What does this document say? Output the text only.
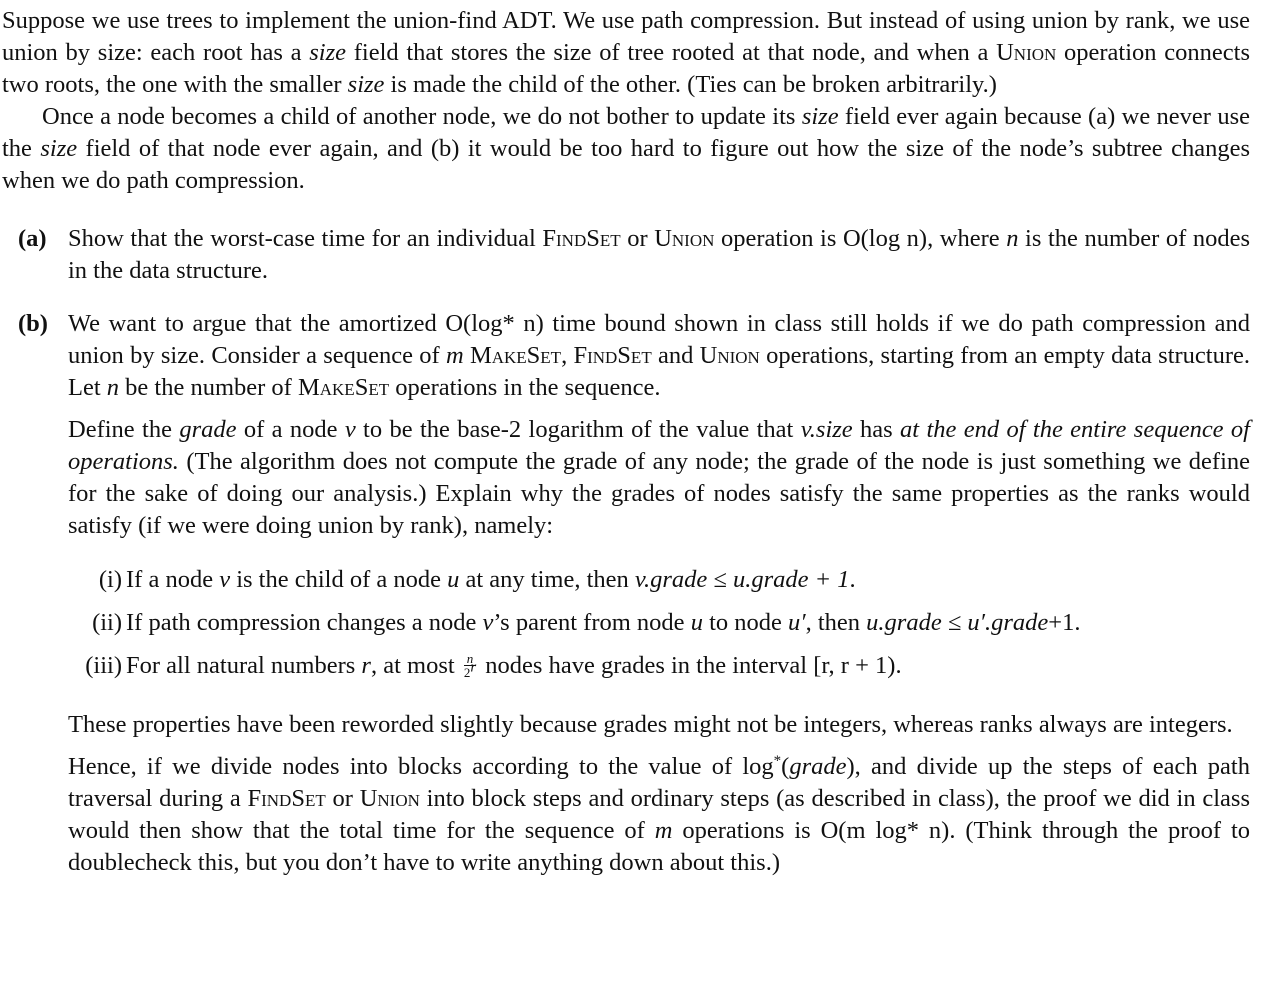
Suppose we use trees to implement the union-find ADT. We use path compression. But instead of using union by rank, we use union by size: each root has a size field that stores the size of tree rooted at that node, and when a Union operation connects two roots, the one with the smaller size is made the child of the other. (Ties can be broken arbitrarily.)

Once a node becomes a child of another node, we do not bother to update its size field ever again because (a) we never use the size field of that node ever again, and (b) it would be too hard to figure out how the size of the node’s subtree changes when we do path compression.

(a) Show that the worst-case time for an individual FindSet or Union operation is O(log n), where n is the number of nodes in the data structure.

(b) We want to argue that the amortized O(log* n) time bound shown in class still holds if we do path compression and union by size. Consider a sequence of m MakeSet, FindSet and Union operations, starting from an empty data structure. Let n be the number of MakeSet operations in the sequence.

Define the grade of a node v to be the base-2 logarithm of the value that v.size has at the end of the entire sequence of operations. (The algorithm does not compute the grade of any node; the grade of the node is just something we define for the sake of doing our analysis.) Explain why the grades of nodes satisfy the same properties as the ranks would satisfy (if we were doing union by rank), namely:

(i) If a node v is the child of a node u at any time, then v.grade ≤ u.grade + 1.
(ii) If path compression changes a node v’s parent from node u to node u′, then u.grade ≤ u′.grade+1.
(iii) For all natural numbers r, at most $\frac{n}{2^r}$ nodes have grades in the interval [r, r + 1).

These properties have been reworded slightly because grades might not be integers, whereas ranks always are integers.

Hence, if we divide nodes into blocks according to the value of log*(grade), and divide up the steps of each path traversal during a FindSet or Union into block steps and ordinary steps (as described in class), the proof we did in class would then show that the total time for the sequence of m operations is O(m log* n). (Think through the proof to doublecheck this, but you don’t have to write anything down about this.)
